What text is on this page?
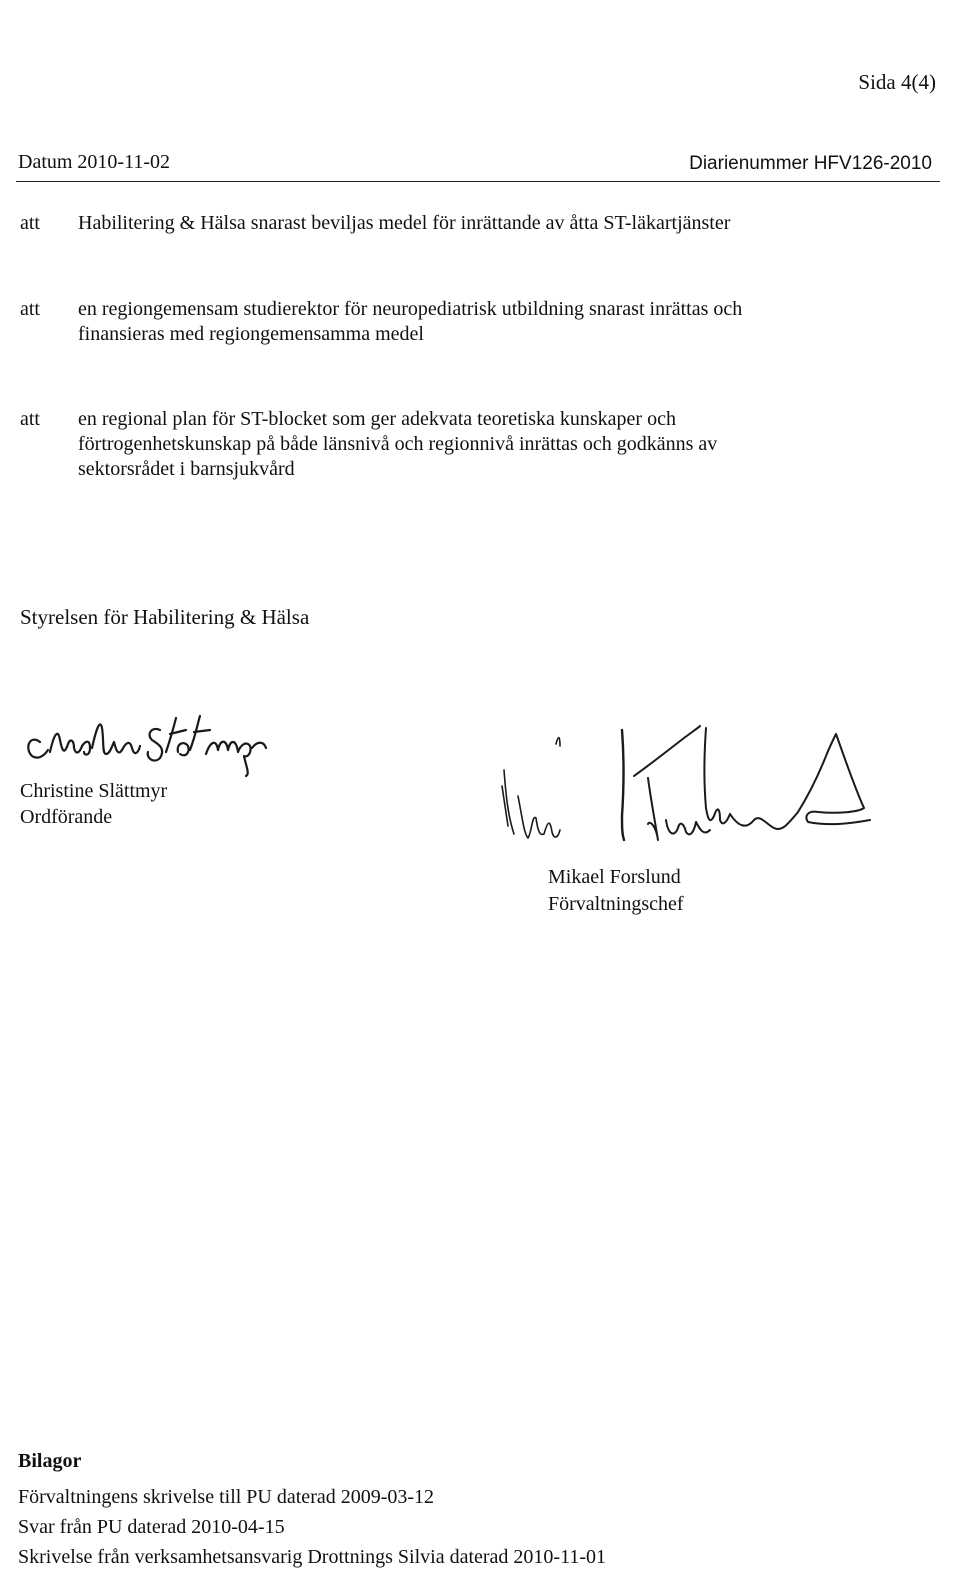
Sida 4(4)
Datum 2010-11-02	Diarienummer HFV126-2010
att	Habilitering & Hälsa snarast beviljas medel för inrättande av åtta ST-läkartjänster
att	en regiongemensam studierektor för neuropediatrisk utbildning snarast inrättas och finansieras med regiongemensamma medel
att	en regional plan för ST-blocket som ger adekvata teoretiska kunskaper och förtrogenhetskunskap på både länsnivå och regionnivå inrättas och godkänns av sektorsrådet i barnsjukvård
Styrelsen för Habilitering & Hälsa
Christine Slättmyr
Ordförande
Mikael Forslund
Förvaltningschef
Bilagor
Förvaltningens skrivelse till PU daterad 2009-03-12
Svar från PU daterad 2010-04-15
Skrivelse från verksamhetsansvarig Drottnings Silvia daterad 2010-11-01
